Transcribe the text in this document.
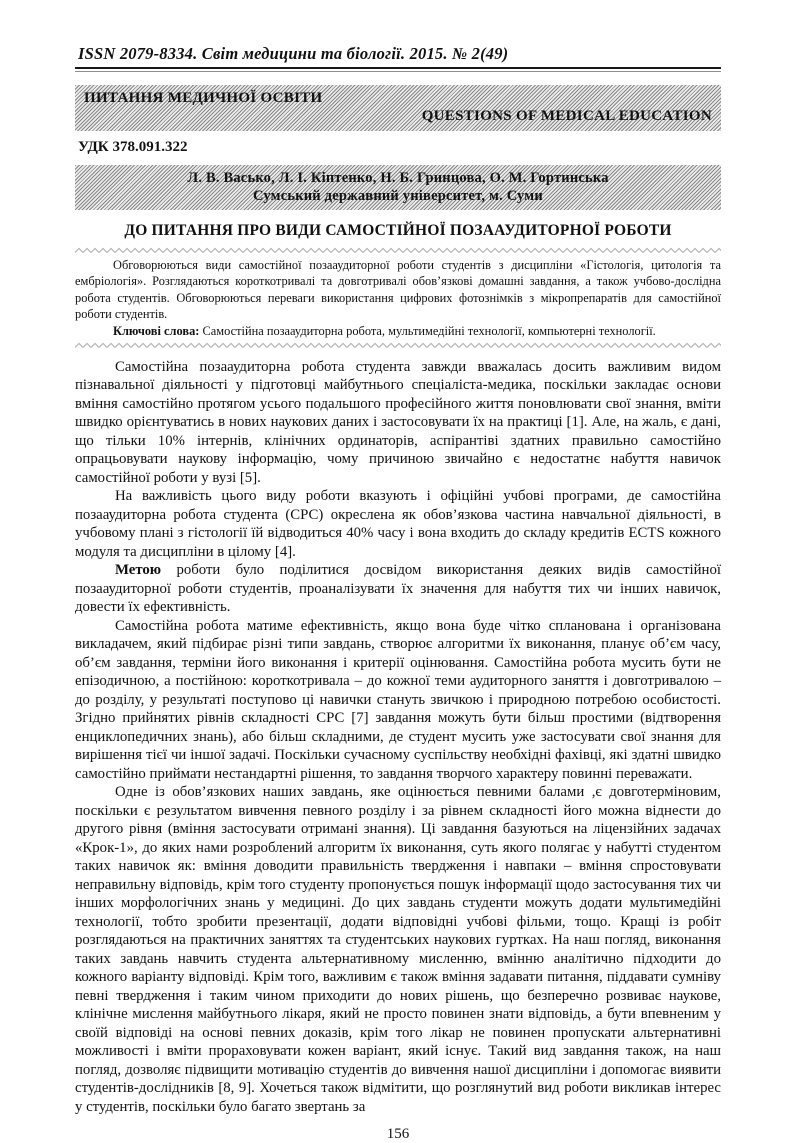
ISSN 2079-8334. Світ медицини та біології. 2015. № 2(49)
ПИТАННЯ МЕДИЧНОЇ ОСВІТИ
QUESTIONS OF MEDICAL EDUCATION
УДК 378.091.322
Л. В. Васько, Л. І. Кіптенко, Н. Б. Гринцова, О. М. Гортинська
Сумський державний університет, м. Суми
ДО ПИТАННЯ ПРО ВИДИ САМОСТІЙНОЇ ПОЗААУДИТОРНОЇ РОБОТИ

Обговорюються види самостійної позааудиторної роботи студентів з дисципліни «Гістологія, цитологія та ембріологія». Розглядаються короткотривалі та довготривалі обов’язкові домашні завдання, а також учбово-дослідна робота студентів. Обговорюються переваги використання цифрових фотознімків з мікропрепаратів для самостійної роботи студентів.

Ключові слова: Самостійна позааудиторна робота, мультимедійні технології, компьютерні технології.

Самостійна позааудиторна робота студента завжди вважалась досить важливим видом пізнавальної діяльності у підготовці майбутнього спеціаліста-медика, поскільки закладає основи вміння самостійно протягом усього подальшого професійного життя поновлювати свої знання, вміти швидко орієнтуватись в нових наукових даних і застосовувати їх на практиці [1]. Але, на жаль, є дані, що тільки 10% інтернів, клінічних ординаторів, аспірантіві здатних правильно самостійно опрацьовувати наукову інформацію, чому причиною звичайно є недостатнє набуття навичок самостійної роботи у вузі [5].

На важливість цього виду роботи вказують і офіційні учбові програми, де самостійна позааудиторна робота студента (СРС) окреслена як обов’язкова частина навчальної діяльності, в учбовому плані з гістології їй відводиться 40% часу і вона входить до складу кредитів ECTS кожного модуля та дисципліни в цілому [4].

Метою роботи було поділитися досвідом використання деяких видів самостійної позааудиторної роботи студентів, проаналізувати їх значення для набуття тих чи інших навичок, довести їх ефективність.

Самостійна робота матиме ефективність, якщо вона буде чітко спланована і організована викладачем, який підбирає різні типи завдань, створює алгоритми їх виконання, планує об’єм часу, об’єм завдання, терміни його виконання і критерії оцінювання. Самостійна робота мусить бути не епізодичною, а постійною: короткотривала – до кожної теми аудиторного заняття і довготривалою – до розділу, у результаті поступово ці навички стануть звичкою і природною потребою особистості. Згідно прийнятих рівнів складності СРС [7] завдання можуть бути більш простими (відтворення енциклопедичних знань), або більш складними, де студент мусить уже застосувати свої знання для вирішення тієї чи іншої задачі. Поскільки сучасному суспільству необхідні фахівці, які здатні швидко самостійно приймати нестандартні рішення, то завдання творчого характеру повинні переважати.

Одне із обов’язкових наших завдань, яке оцінюється певними балами ,є довготерміновим, поскільки є результатом вивчення певного розділу і за рівнем складності його можна віднести до другого рівня (вміння застосувати отримані знання). Ці завдання базуються на ліцензійних задачах «Крок-1», до яких нами розроблений алгоритм їх виконання, суть якого полягає у набутті студентом таких навичок як: вміння доводити правильність твердження і навпаки – вміння спростовувати неправильну відповідь, крім того студенту пропонується пошук інформації щодо застосування тих чи інших морфологічних знань у медицині. До цих завдань студенти можуть додати мультимедійні технології, тобто зробити презентації, додати відповідні учбові фільми, тощо. Кращі із робіт розглядаються на практичних заняттях та студентських наукових гуртках. На наш погляд, виконання таких завдань навчить студента альтернативному мисленню, вмінню аналітично підходити до кожного варіанту відповіді. Крім того, важливим є також вміння задавати питання, піддавати сумніву певні твердження і таким чином приходити до нових рішень, що безперечно розвиває наукове, клінічне мислення майбутнього лікаря, який не просто повинен знати відповідь, а бути впевненим у своїй відповіді на основі певних доказів, крім того лікар не повинен пропускати альтернативні можливості і вміти прораховувати кожен варіант, який існує. Такий вид завдання також, на наш погляд, дозволяє підвищити мотивацію студентів до вивчення нашої дисципліни і допомогає виявити студентів-дослідників [8, 9]. Хочеться також відмітити, що розглянутий вид роботи викликав інтерес у студентів, поскільки було багато звертань за

156
